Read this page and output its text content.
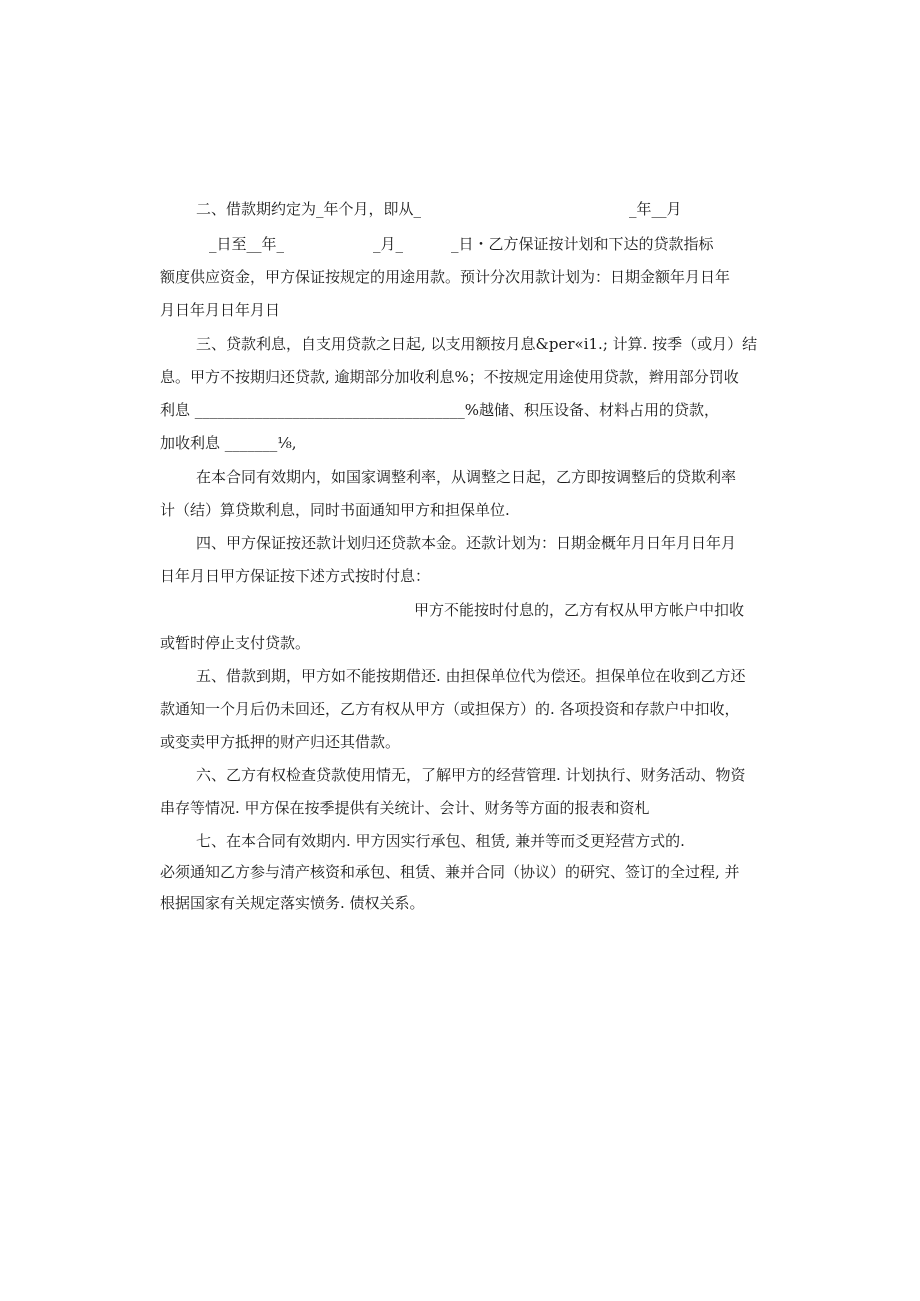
二、借款期约定为_年个月，即从_	_年__月
_日至__年_	_月_	_日・乙方保证按计划和下达的贷款指标
额度供应资金，甲方保证按规定的用途用款。预计分次用款计划为：日期金额年月日年
月日年月日年月日
三、贷款利息，自支用贷款之日起, 以支用额按月息&per«i1.; 计算. 按季（或月）结
息。甲方不按期归还贷款, 逾期部分加收利息%；不按规定用途使用贷款，辫用部分罚收
利息 ____________________________________%越储、积压设备、材料占用的贷款，
加收利息 _______⅛,
在本合同有效期内，如国家调整利率，从调整之日起，乙方即按调整后的贷欺利率
计（结）算贷欺利息，同时书面通知甲方和担保单位.
四、甲方保证按还款计划归还贷款本金。还款计划为：日期金概年月日年月日年月
日年月日甲方保证按下述方式按时付息：
甲方不能按时付息的，乙方有权从甲方帐户中扣收
或暂时停止支付贷款。
五、借款到期，甲方如不能按期借还. 由担保单位代为偿还。担保单位在收到乙方还
款通知一个月后仍未回还，乙方有权从甲方（或担保方）的. 各项投资和存款户中扣收，
或变卖甲方抵押的财产归还其借款。
六、乙方有权检查贷款使用情无，了解甲方的经营管理. 计划执行、财务活动、物资
串存等情况. 甲方保在按季提供有关统计、会计、财务等方面的报表和资札
七、在本合同有效期内. 甲方因实行承包、租赁, 兼并等而爻更羟营方式的.
必须通知乙方参与清产核资和承包、租赁、兼并合同（协议）的研究、签订的全过程, 并
根据国家有关规定落实愤务. 债权关系。
